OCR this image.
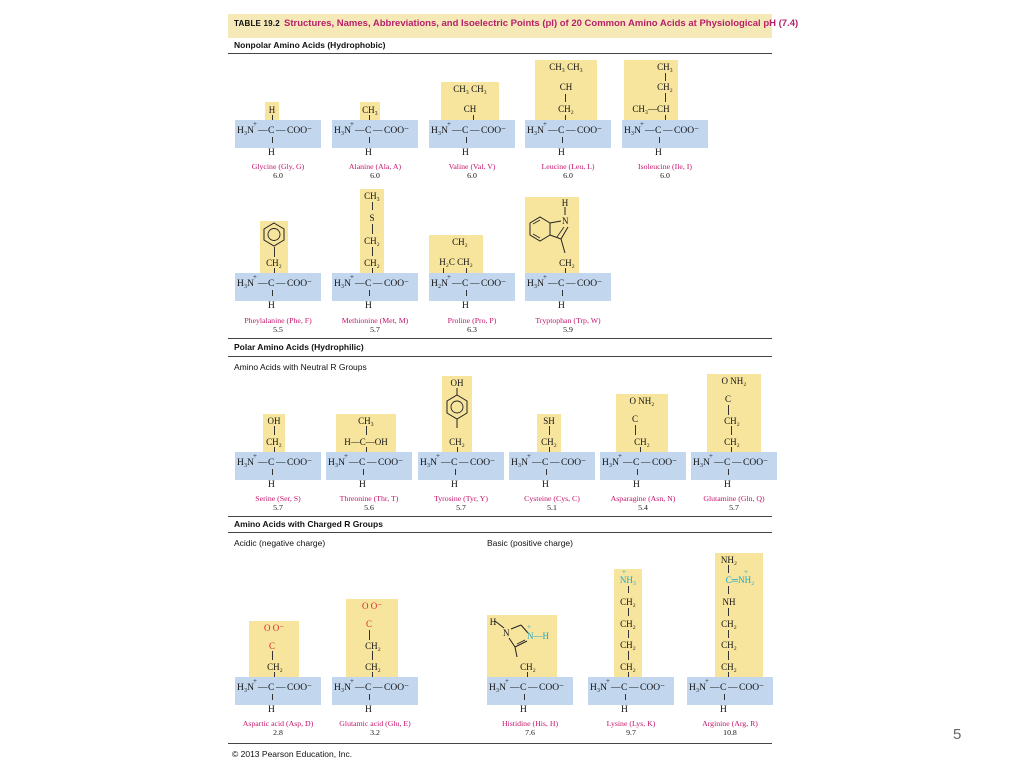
TABLE 19.2 Structures, Names, Abbreviations, and Isoelectric Points (pI) of 20 Common Amino Acids at Physiological pH (7.4)
Nonpolar Amino Acids (Hydrophobic)
Polar Amino Acids (Hydrophilic)
Amino Acids with Neutral R Groups
Amino Acids with Charged R Groups
Acidic (negative charge)	Basic (positive charge)
© 2013 Pearson Education, Inc.
5
H
+
H₃N — C — COO⁻
H
Glycine (Gly, G)
6.0
CH₃
+
H₃N — C — COO⁻
H
Alanine (Ala, A)
6.0
CH₃ CH₃
CH
+
H₃N — C — COO⁻
H
Valine (Val, V)
6.0
CH₃ CH₃
CH
CH₂
+
H₃N — C — COO⁻
H
Leucine (Leu, L)
6.0
CH₃
CH₂
CH₃—CH
+
H₃N — C — COO⁻
H
Isoleucine (Ile, I)
6.0
CH₂
+
H₃N — C — COO⁻
H
Pheylalanine (Phe, F)
5.5
CH₃
S
CH₂
CH₂
+
H₃N — C — COO⁻
H
Methionine (Met, M)
5.7
CH₂
H₂C CH₂
H₂N
+
— C — COO⁻
H
Proline (Pro, P)
6.3
H
N
CH₂
+
H₃N — C — COO⁻
H
Tryptophan (Trp, W)
5.9
OH
CH₂
+
H₃N — C — COO⁻
H
Serine (Ser, S)
5.7
CH₃
H—C—OH
+
H₃N — C — COO⁻
H
Threonine (Thr, T)
5.6
OH
CH₂
+
H₃N — C — COO⁻
H
Tyrosine (Tyr, Y)
5.7
SH
CH₂
+
H₃N — C — COO⁻
H
Cysteine (Cys, C)
5.1
O NH₂
C
CH₂
+
H₃N — C — COO⁻
H
Asparagine (Asn, N)
5.4
O NH₂
C
CH₂
CH₂
+
H₃N — C — COO⁻
H
Glutamine (Gln, Q)
5.7
O O⁻
C
CH₂
+
H₃N — C — COO⁻
H
Aspartic acid (Asp, D)
2.8
O O⁻
C
CH₂
CH₂
+
H₃N — C — COO⁻
H
Glutamic acid (Glu, E)
3.2
H
N
+
N—H
CH₂
+
H₃N — C — COO⁻
H
Histidine (His, H)
7.6
+
NH₃
CH₂
CH₂
CH₂
CH₂
+
H₃N — C — COO⁻
H
Lysine (Lys, K)
9.7
NH₂
+
C═NH₂
NH
CH₂
CH₂
CH₂
+
H₃N — C — COO⁻
H
Arginine (Arg, R)
10.8
